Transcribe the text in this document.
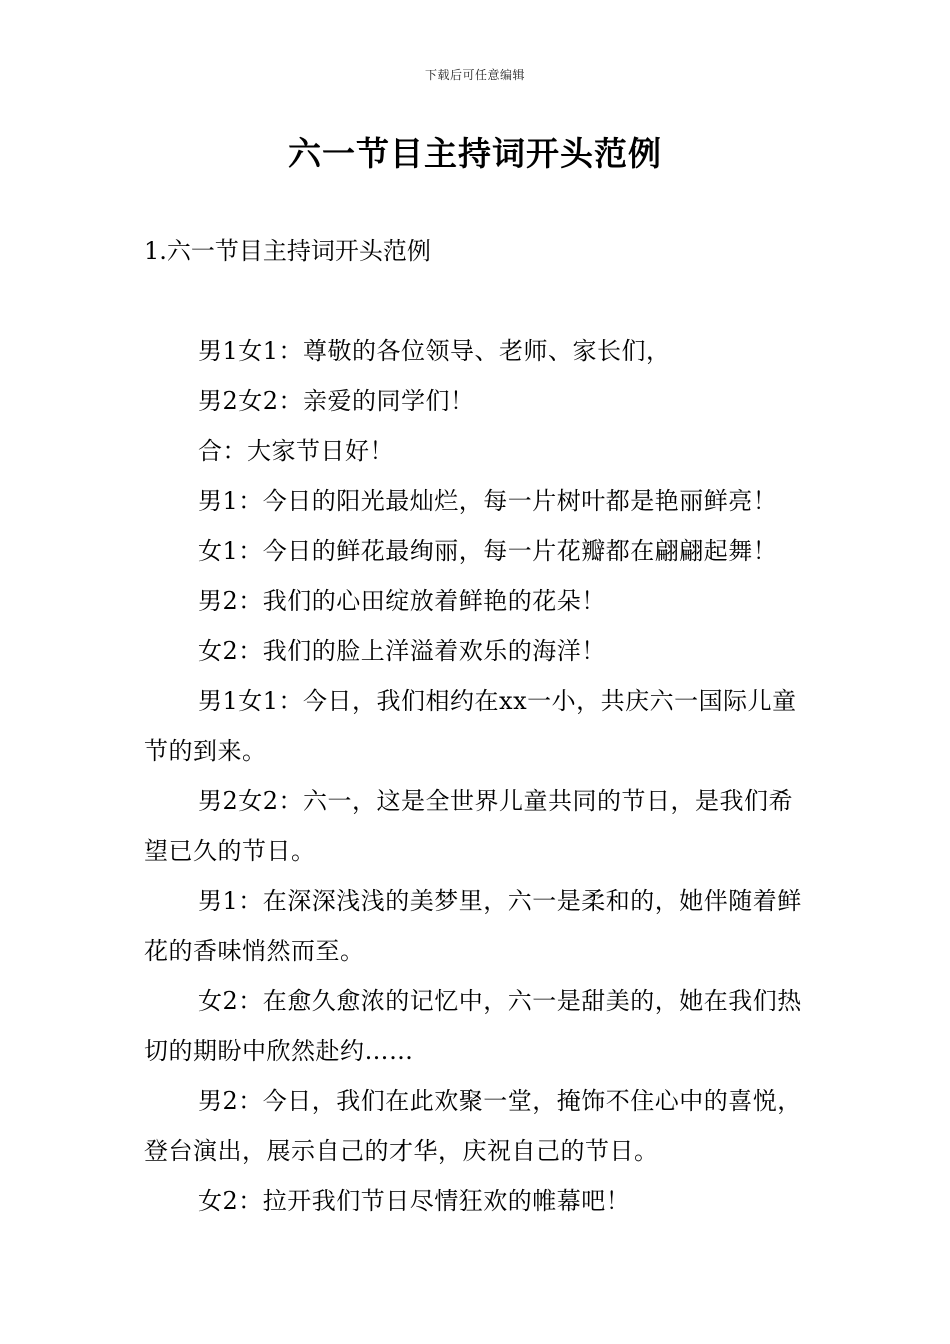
下载后可任意编辑
六一节目主持词开头范例
1.六一节目主持词开头范例

男1女1：尊敬的各位领导、老师、家长们，

男2女2：亲爱的同学们！

合：大家节日好！

男1：今日的阳光最灿烂，每一片树叶都是艳丽鲜亮！

女1：今日的鲜花最绚丽，每一片花瓣都在翩翩起舞！

男2：我们的心田绽放着鲜艳的花朵！

女2：我们的脸上洋溢着欢乐的海洋！

男1女1：今日，我们相约在xx一小，共庆六一国际儿童节的到来。

男2女2：六一，这是全世界儿童共同的节日，是我们希望已久的节日。

男1：在深深浅浅的美梦里，六一是柔和的，她伴随着鲜花的香味悄然而至。

女2：在愈久愈浓的记忆中，六一是甜美的，她在我们热切的期盼中欣然赴约……

男2：今日，我们在此欢聚一堂，掩饰不住心中的喜悦，登台演出，展示自己的才华，庆祝自己的节日。

女2：拉开我们节日尽情狂欢的帷幕吧！
